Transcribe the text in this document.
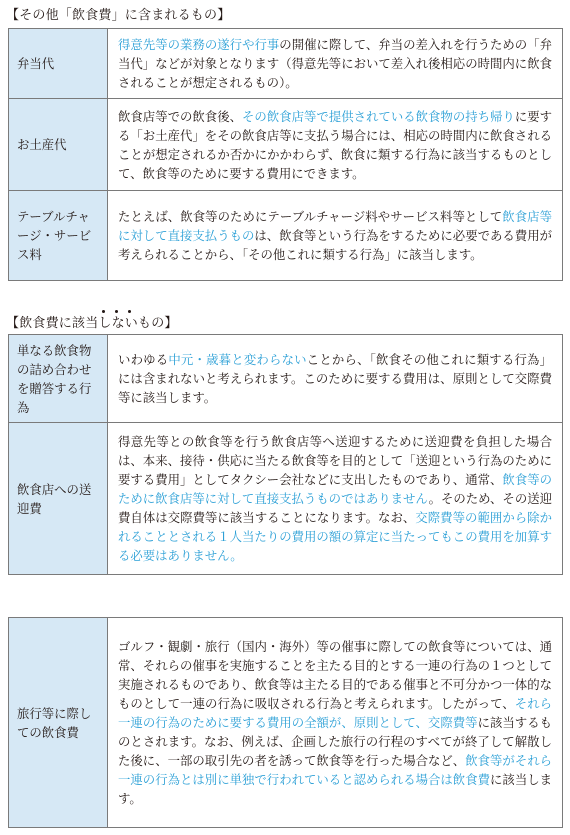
【その他「飲食費」に含まれるもの】
弁当代	得意先等の業務の遂行や行事の開催に際して、弁当の差入れを行うための「弁当代」などが対象となります（得意先等において差入れ後相応の時間内に飲食されることが想定されるもの）。
お土産代	飲食店等での飲食後、その飲食店等で提供されている飲食物の持ち帰りに要する「お土産代」をその飲食店等に支払う場合には、相応の時間内に飲食されることが想定されるか否かにかかわらず、飲食に類する行為に該当するものとして、飲食等のために要する費用にできます。
テーブルチャージ・サービス料	たとえば、飲食等のためにテーブルチャージ料やサービス料等として飲食店等に対して直接支払うものは、飲食等という行為をするために必要である費用が考えられることから、「その他これに類する行為」に該当します。
【飲食費に該当しない
もの】
単なる飲食物の詰め合わせを贈答する行為	いわゆる中元・歳暮と変わらないことから、「飲食その他これに類する行為」には含まれないと考えられます。このために要する費用は、原則として交際費等に該当します。
飲食店への送迎費	得意先等との飲食等を行う飲食店等へ送迎するために送迎費を負担した場合は、本来、接待・供応に当たる飲食等を目的として「送迎という行為のために要する費用」としてタクシー会社などに支出したものであり、通常、飲食等のために飲食店等に対して直接支払うものではありません。そのため、その送迎費自体は交際費等に該当することになります。なお、交際費等の範囲から除かれることとされる１人当たりの費用の額の算定に当たってもこの費用を加算する必要はありません。
旅行等に際しての飲食費	ゴルフ・観劇・旅行（国内・海外）等の催事に際しての飲食等については、通常、それらの催事を実施することを主たる目的とする一連の行為の１つとして実施されるものであり、飲食等は主たる目的である催事と不可分かつ一体的なものとして一連の行為に吸収される行為と考えられます。したがって、それら一連の行為のために要する費用の全額が、原則として、交際費等に該当するものとされます。なお、例えば、企画した旅行の行程のすべてが終了して解散した後に、一部の取引先の者を誘って飲食等を行った場合など、飲食等がそれら一連の行為とは別に単独で行われていると認められる場合は飲食費に該当します。
